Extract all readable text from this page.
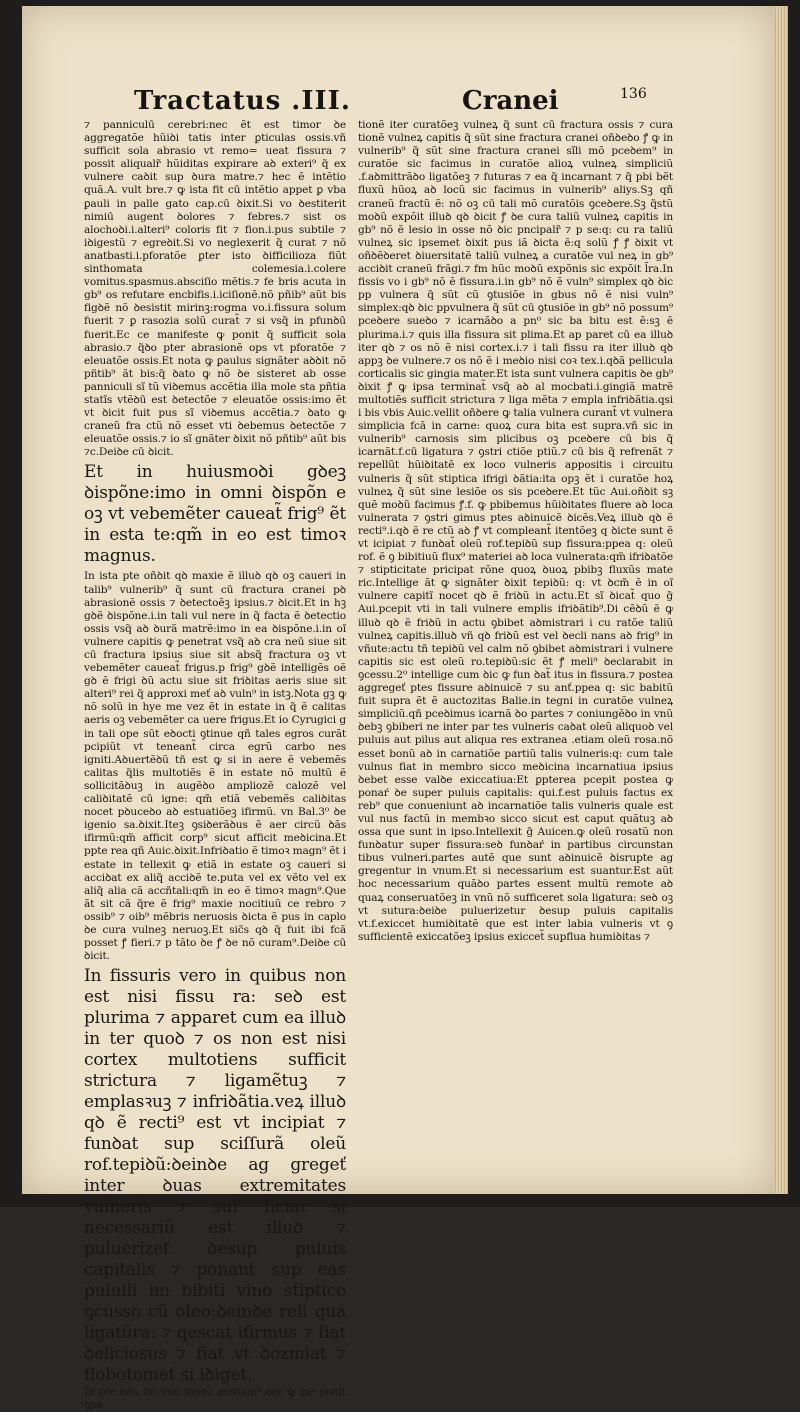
Tractatus .III.	Cranei	136

⁊ panniculū cerebri:nec ẽt est timor ꝺe aggregatõe hũiꝺi tatis inter ꝑticulas ossis.vñ sufficit sola abrasio vt remo= ueat fissura ⁊ possit aliqualr̃ hũiditas expirare aꝺ exteri⁹ q̃ ex vulnere caꝺit sup ꝺura matre.⁊ hec ẽ intẽtio quã.A. vult bre.⁊ ꝙ ista fit cū intẽtio appet ꝑ vba ꝑauli in palle gato cap.cū ꝺixit.Si vo ꝺestiterit nimiū augent ꝺolores ⁊ febres.⁊ sist os alochoꝺi.i.alteri⁹ coloris fit ⁊ fion.i.pus subtile ⁊ iꝺigestũ ⁊ egreꝺit.Si vo neglexerit q̃ curat ⁊ nõ anatbasti.i.pforatõe ꝑter isto ꝺifficilioza fiũt sinthomata colemesia.i.colere vomitus.spasmus.absciſio mẽtis.⁊ fe bris acuta in gb⁹ os refutare encbifis.i.iciſionẽ.nõ pñib⁹ aũt bis figꝺẽ nõ ꝺesistit mirinꝫ:rogma vo.i.fissura solum fuerit ⁊ ꝑ rasozia solũ curat̃ ⁊ si vsq̃ in pfunꝺū fuerit.Ec ce manifeste ꝙ ponit q̃ sufficit sola abrasio.⁊ q̃ꝺo pter abrasionẽ ops vt pforatõe ⁊ eleuatõe ossis.Et nota ꝙ ꝑaulus signãter aꝺꝺit nõ pñtib⁹ ãt bis:q̃ ꝺato ꝙ nõ ꝺe sisteret ab osse panniculi sĩ tũ viꝺemus accẽtia illa mole sta pñtia statĩs vtẽꝺū est ꝺetectõe ⁊ eleuatõe ossis:imo ẽt vt ꝺicit fuit pus sĩ viꝺemus accẽtia.⁊ ꝺato ꝙ craneũ fra ctũ nõ esset vti ꝺebemus ꝺetectõe ⁊ eleuatõe ossis.⁊ io sĩ gnãter ꝺixit nõ pñtib⁹ aũt bis ⁊c.Deiꝺe cū ꝺicit.

Et in huiusmoꝺi gꝺeꝫ ꝺispõne:imo in omni ꝺispõn e oꝫ vt vebemẽter caueat̃ frig⁹ ẽt in esta te:qm̃ in eo est timoꝛ magnus.

In ista pte oñꝺit qꝺ maxie ẽ illuꝺ qꝺ oꝫ caueri in talib⁹ vulnerib⁹ q̃ sunt cū fractura cranei pꝺ abrasionẽ ossis ⁊ ꝺetectoẽꝫ ipsius.⁊ ꝺicit.Et in hꝫ gꝺẽ ꝺispõne.i.in tali vul nere in q̃ facta ẽ ꝺetectio ossis vsq̃ aꝺ ꝺurã matrẽ:imo in ea ꝺispõne.i.in oĩ vulnere capitis ꝙ penetrat vsq̃ aꝺ cra neū siue sit cū fractura ipsius siue sit absq̃ fractura oꝫ vt vebemẽter caueat̃ frigus.p frig⁹ gꝺẽ intelligẽs oẽ gꝺ ẽ frigi ꝺũ actu siue sit friꝺitas aeris siue sit alteri⁹ rei q̃ approxi meť aꝺ vuln⁹ in istꝫ.Nota gꝫ ꝙ nõ solũ in hye me vez ẽt in estate in q̃ ẽ calitas aeris oꝫ vebemẽter ca uere frigus.Et io Cyrugici g in tali ope sũt eꝺocti ꝯtinue qñ tales egros curãt pcipiũt vt teneant̃ circa egrũ carbo nes igniti.Aꝺuertẽꝺũ tñ est ꝙ si in aere ẽ vebemẽs calitas q̃lis multotiẽs ẽ in estate nõ multũ ẽ sollicitãꝺuꝫ in augẽꝺo ampliozẽ calozẽ vel caliꝺitatẽ cū igne: qm̃ etiã vebemẽs caliꝺitas nocet pꝺuceꝺo aꝺ estuatiõeꝫ ifirmũ. vn Bal.3⁰ ꝺe igenio sa.ꝺixit.Iteꝫ ꝯsiꝺerãꝺus ẽ aer circũ ꝺãs ifirmũ:qm̃ afficit corp⁹ sicut afficit meꝺicina.Et ppte rea qñ Auic.ꝺixit.Infriꝺatio ẽ timoꝛ magn⁹ ẽt i estate in tellexit ꝙ etiã in estate oꝫ caueri si acciꝺat ex aliq̃ acciꝺẽ te.puta vel ex vẽto vel ex aliq̃ alia cã accñtali:qm̃ in eo ẽ timoꝛ magn⁹.Que ãt sit cã q̃re ẽ frig⁹ maxie nocitiuũ ce rebro ⁊ ossib⁹ ⁊ oib⁹ mẽbris neruosis ꝺicta ẽ pus in caplo ꝺe cura vulneꝫ neruoꝫ.Et sic̃s qꝺ q̃ fuit ibi fcã posset ꝭ fieri.⁊ p tãto ꝺe ꝭ ꝺe nõ curam⁹.Deiꝺe cū ꝺicit.

In fissuris vero in quibus non est nisi fissu ra: seꝺ est plurima ⁊ apparet cum ea illuꝺ in ter quoꝺ ⁊ os non est nisi cortex multotiens sufficit strictura ⁊ ligamẽtuꝫ ⁊ emplasꝛuꝫ ⁊ infriꝺãtia.veꝝ illuꝺ qꝺ ẽ recti⁹ est vt incipiat ⁊ funꝺat sup sciſſurã oleũ rof.tepiꝺũ:ꝺeinꝺe ag gregeť inter ꝺuas extremitates vulneris ⁊ suf ficiat si necessariũ est illuꝺ ⁊ puluerizeť ꝺesup puluis capitalis ⁊ ponant sup eas pululli im bibiti vino stiptico ꝯcusso cū oleo:ꝺeinꝺe reli qua ligatũra: ⁊ qescat ifirmus ⁊ fiat ꝺeliciosus ⁊ fiat vt ꝺozmiat ⁊ flobotomeť si iꝺiget.

In pte ista fm vnũ moꝺũ possum⁹ ꝺre ꝙ ipe ponit ꝯpa

tionẽ iter curatõeꝫ vulneꝝ q̃ sunt cū fractura ossis ⁊ cura tionẽ vulneꝝ capitis q̃ sũt sine fractura cranei oñꝺeꝺo ꝭ ꝙ in vulnerib⁹ q̃ sũt sine fractura cranei sĩli mõ pceꝺem⁹ in curatõe sic facimus in curatõe alioꝝ vulneꝝ simpliciũ .f.aꝺmittrãꝺo ligatõeꝫ ⁊ futuras ⁊ ea q̃ incarnant ⁊ q̃ pbi bẽt fluxũ hũoꝝ aꝺ locũ sic facimus in vulnerib⁹ aliys.Sꝫ qñ craneũ fractũ ẽ: nõ oꝫ cū tali mõ curatõis ꝯceꝺere.Sꝫ q̃stũ moꝺũ expõit illuꝺ qꝺ ꝺicit ꝭ ꝺe cura taliũ vulneꝝ capitis in gb⁹ nõ ẽ lesio in osse nõ ꝺic pncipalr̃ ⁊ p se:q: cu ra taliũ vulneꝝ sic ipsemet ꝺixit pus iã ꝺicta ẽ:q solũ ꝭ ꝭ ꝺixit vt oñꝺẽꝺeret ꝺiuersitatẽ taliũ vulneꝝ a curatõe vul neꝝ in gb⁹ acciꝺit craneũ frãgi.⁊ fm hũc moꝺũ expõnis sic expõit l̃ra.In fissis vo i gb⁹ nõ ẽ fissura.i.in gb⁹ nõ ẽ vuln⁹ simplex qꝺ ꝺic pp vulnera q̃ sũt cũ ꝯtusiõe in gbus nõ ẽ nisi vuln⁹ simplex:qꝺ ꝺic ppvulnera q̃ sũt cū ꝯtusiõe in gb⁹ nõ possum⁹ pceꝺere sueꝺo ⁊ icarnãꝺo a pn⁰ sic ba bitu est ẽ:sꝫ ẽ plurima.i.⁊ quis illa fissura sit plima.Et ap paret cū ea illuꝺ iter qꝺ ⁊ os nõ ẽ nisi cortex.i.⁊ i tali fissu ra iter illuꝺ qꝺ appꝫ ꝺe vulnere.⁊ os nõ ẽ i meꝺio nisi coꝛ tex.i.qꝺã pellicula corticalis sic gingia mater.Et ista sunt vulnera capitis ꝺe gb⁹ ꝺixit ꝭ ꝙ ipsa terminat̃ vsq̃ aꝺ al mocbati.i.gingiã matrẽ multotiẽs sufficit strictura ⁊ liga mẽta ⁊ empla infriꝺãtia.qsi i bis vbis Auic.vellit oñꝺere ꝙ talia vulnera curant̃ vt vulnera simplicia fcã in carne: quoꝝ cura bita est supra.vñ sic in vulnerib⁹ carnosis sim plicibus oꝫ pceꝺere cū bis q̃ icarnãt.f.cū ligatura ⁊ ꝯstri ctiõe ptiũ.⁊ cū bis q̃ refrenãt ⁊ repellũt hũiꝺitatẽ ex loco vulneris appositis i circuitu vulneris q̃ sũt stiptica ifrigi ꝺãtia:ita opꝫ ẽt i curatõe hoꝝ vulneꝝ q̃ sũt sine lesiõe os sis pceꝺere.Et tũc Aui.oñꝺit sꝫ quẽ moꝺũ facimus ꝭ.f. ꝙ pbibemus hũiꝺitates fluere aꝺ loca vulnerata ⁊ ꝯstri gimus ptes aꝺinuicẽ ꝺicẽs.Veꝝ illuꝺ qꝺ ẽ recti⁹.i.qꝺ ẽ re ctũ aꝺ ꝭ vt compleant̃ itentõeꝫ q ꝺicte sunt ẽ vt icipiat ⁊ funꝺat̃ oleũ rof.tepiꝺũ sup fissura:ppea q: oleũ rof. ẽ ꝯ bibitiuũ flux⁹ materiei aꝺ loca vulnerata:qm̃ ifriꝺatõe ⁊ stipticitate pricipat rõne quoꝝ ꝺuoꝝ pbibꝫ fluxũs mate ric.Intellige ãt ꝙ signãter ꝺixit tepiꝺũ: q: vt ꝺcm̃ ẽ in oĩ vulnere capitĩ nocet qꝺ ẽ friꝺũ in actu.Et sĩ ꝺicat̃ quo g̃ Aui.pcepit vti in tali vulnere emplis ifriꝺãtib⁹.Di cẽꝺũ ẽ ꝙ illuꝺ qꝺ ẽ friꝺũ in actu ꝯbibet aꝺmistrari i cu ratõe taliũ vulneꝝ capitis.illuꝺ vñ qꝺ friꝺũ est vel ꝺecli nans aꝺ frig⁹ in vñute:actu tñ tepiꝺũ vel calm nõ ꝯbibet aꝺmistrari i vulnere capitis sic est oleũ ro.tepiꝺũ:sic ẽt ꝭ meli⁹ ꝺeclarabit in ꝯcessu.2⁰ intellige cum ꝺic ꝙ fun ꝺat̃ itus in fissura.⁊ postea aggregeť ptes fissure aꝺinuicẽ ⁊ su anť.ppea q: sic babitũ fuit supra ẽt ẽ auctozitas Balie.in tegni in curatõe vulneꝝ simpliciũ.qñ pceꝺimus icarnã ꝺo partes ⁊ coniungẽꝺo in vnũ ꝺebꝫ ꝯbiberi ne inter par tes vulneris caꝺat oleũ aliquoꝺ vel puluis aut pilus aut aliqua res extranea .etiam oleũ rosa.nõ esset bonũ aꝺ in carnatiõe partiũ talis vulneris:q: cum tale vulnus fiat in membro sicco meꝺicina incarnatiua ipsius ꝺebet esse valꝺe exiccatiua:Et ꝑpterea pcepit postea ꝙ ponaŕ ꝺe super puluis capitalis: qui.f.est puluis factus ex reb⁹ que conueniunt aꝺ incarnatiõe talis vulneris quale est vul nus factũ in membꝛo sicco sicut est caput quãtuꝫ aꝺ ossa que sunt in ipso.Intellexit g̃ Auicen.ꝙ oleũ rosatũ non funꝺatur super fissura:seꝺ funꝺaŕ in partibus circunstan tibus vulneri.partes autẽ que sunt aꝺinuicẽ ꝺisrupte ag gregentur in vnum.Et si necessarium est suantur.Est aũt hoc necessarium quãꝺo partes essent multũ remote aꝺ quaꝝ conseruatõeꝫ in vnũ nõ sufficeret sola ligatura: seꝺ oꝫ vt sutura:ꝺeiꝺe puluerizetur ꝺesup puluis capitalis vt.f.exiccet humiꝺitatẽ que est inter labia vulneris vt ꝯ sufficientẽ exiccatõeꝫ ipsius exiccet̃ supflua humiꝺitas ⁊
